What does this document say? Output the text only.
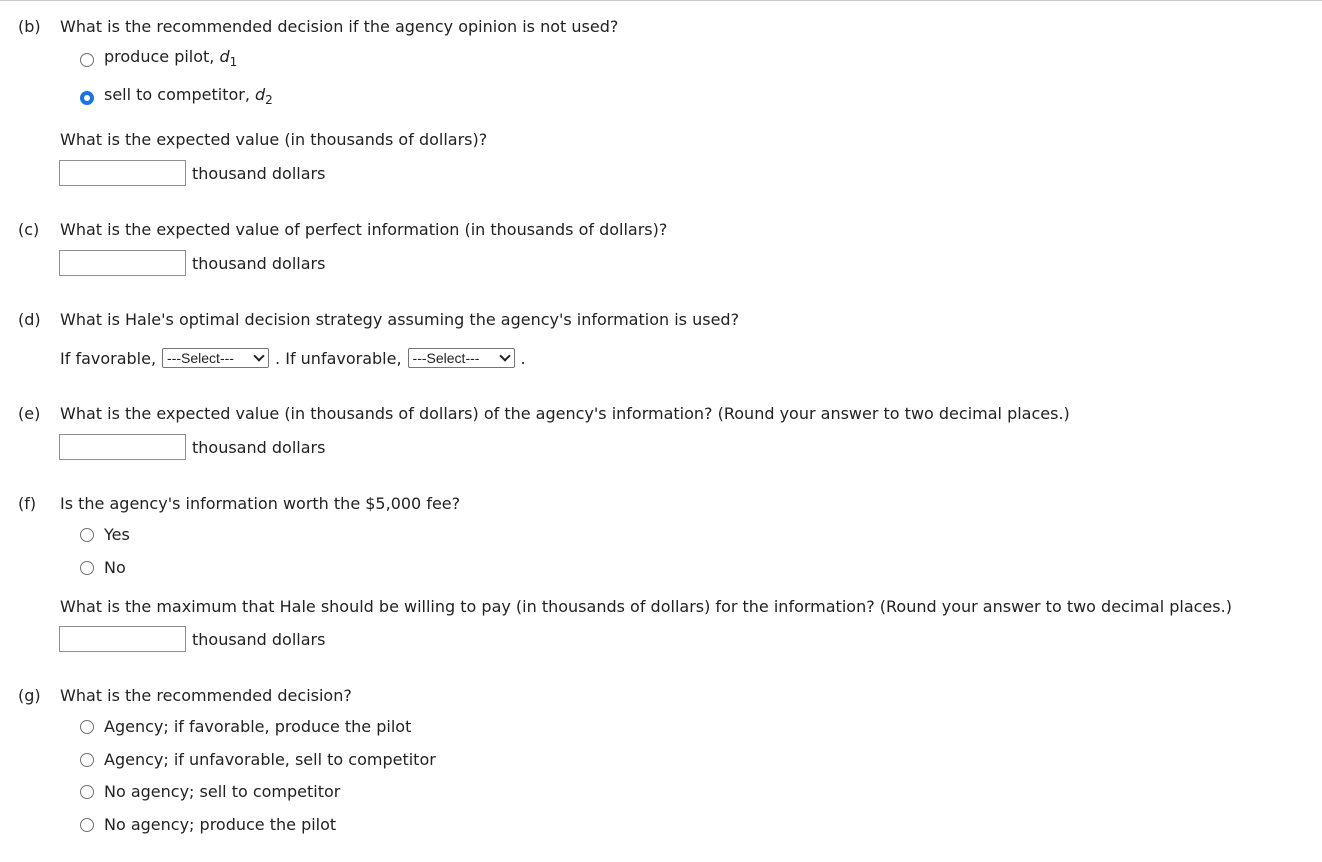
(b) What is the recommended decision if the agency opinion is not used?
produce pilot, $d_1$
sell to competitor, $d_2$
What is the expected value (in thousands of dollars)?
thousand dollars
(c) What is the expected value of perfect information (in thousands of dollars)?
thousand dollars
(d) What is Hale's optimal decision strategy assuming the agency's information is used?
If favorable, ---Select---	. If unfavorable, ---Select---	.
(e) What is the expected value (in thousands of dollars) of the agency's information? (Round your answer to two decimal places.)
thousand dollars
(f) Is the agency's information worth the $5,000 fee?
Yes
No
What is the maximum that Hale should be willing to pay (in thousands of dollars) for the information? (Round your answer to two decimal places.)
thousand dollars
(g) What is the recommended decision?
Agency; if favorable, produce the pilot
Agency; if unfavorable, sell to competitor
No agency; sell to competitor
No agency; produce the pilot
